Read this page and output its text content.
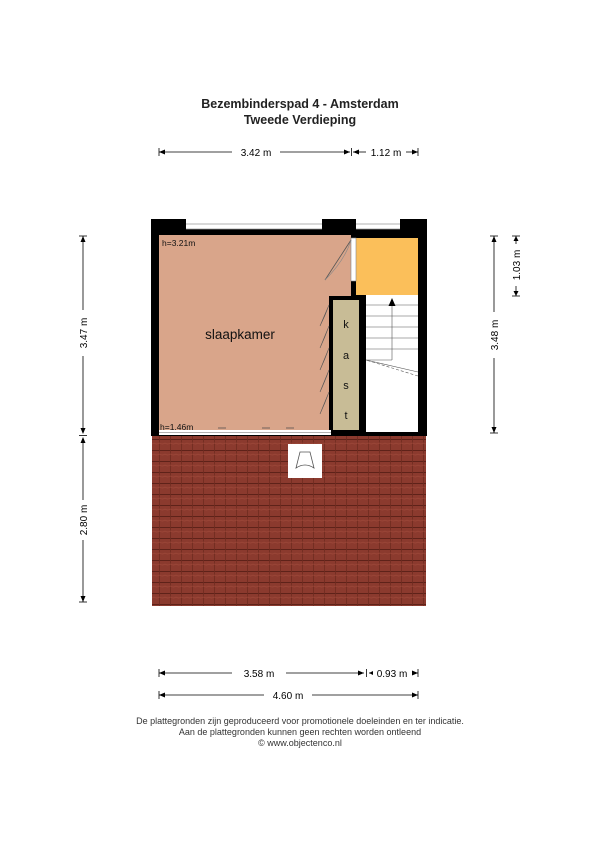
Bezembinderspad 4 - Amsterdam
Tweede Verdieping
3.42 m	1.12 m
3.47 m
2.80 m
3.48 m
1.03 m
slaapkamer
h=3.21m
h=1.46m
k
a
s
t
3.58 m	0.93 m
4.60 m
De plattegronden zijn geproduceerd voor promotionele doeleinden en ter indicatie.
Aan de plattegronden kunnen geen rechten worden ontleend
© www.objectenco.nl
